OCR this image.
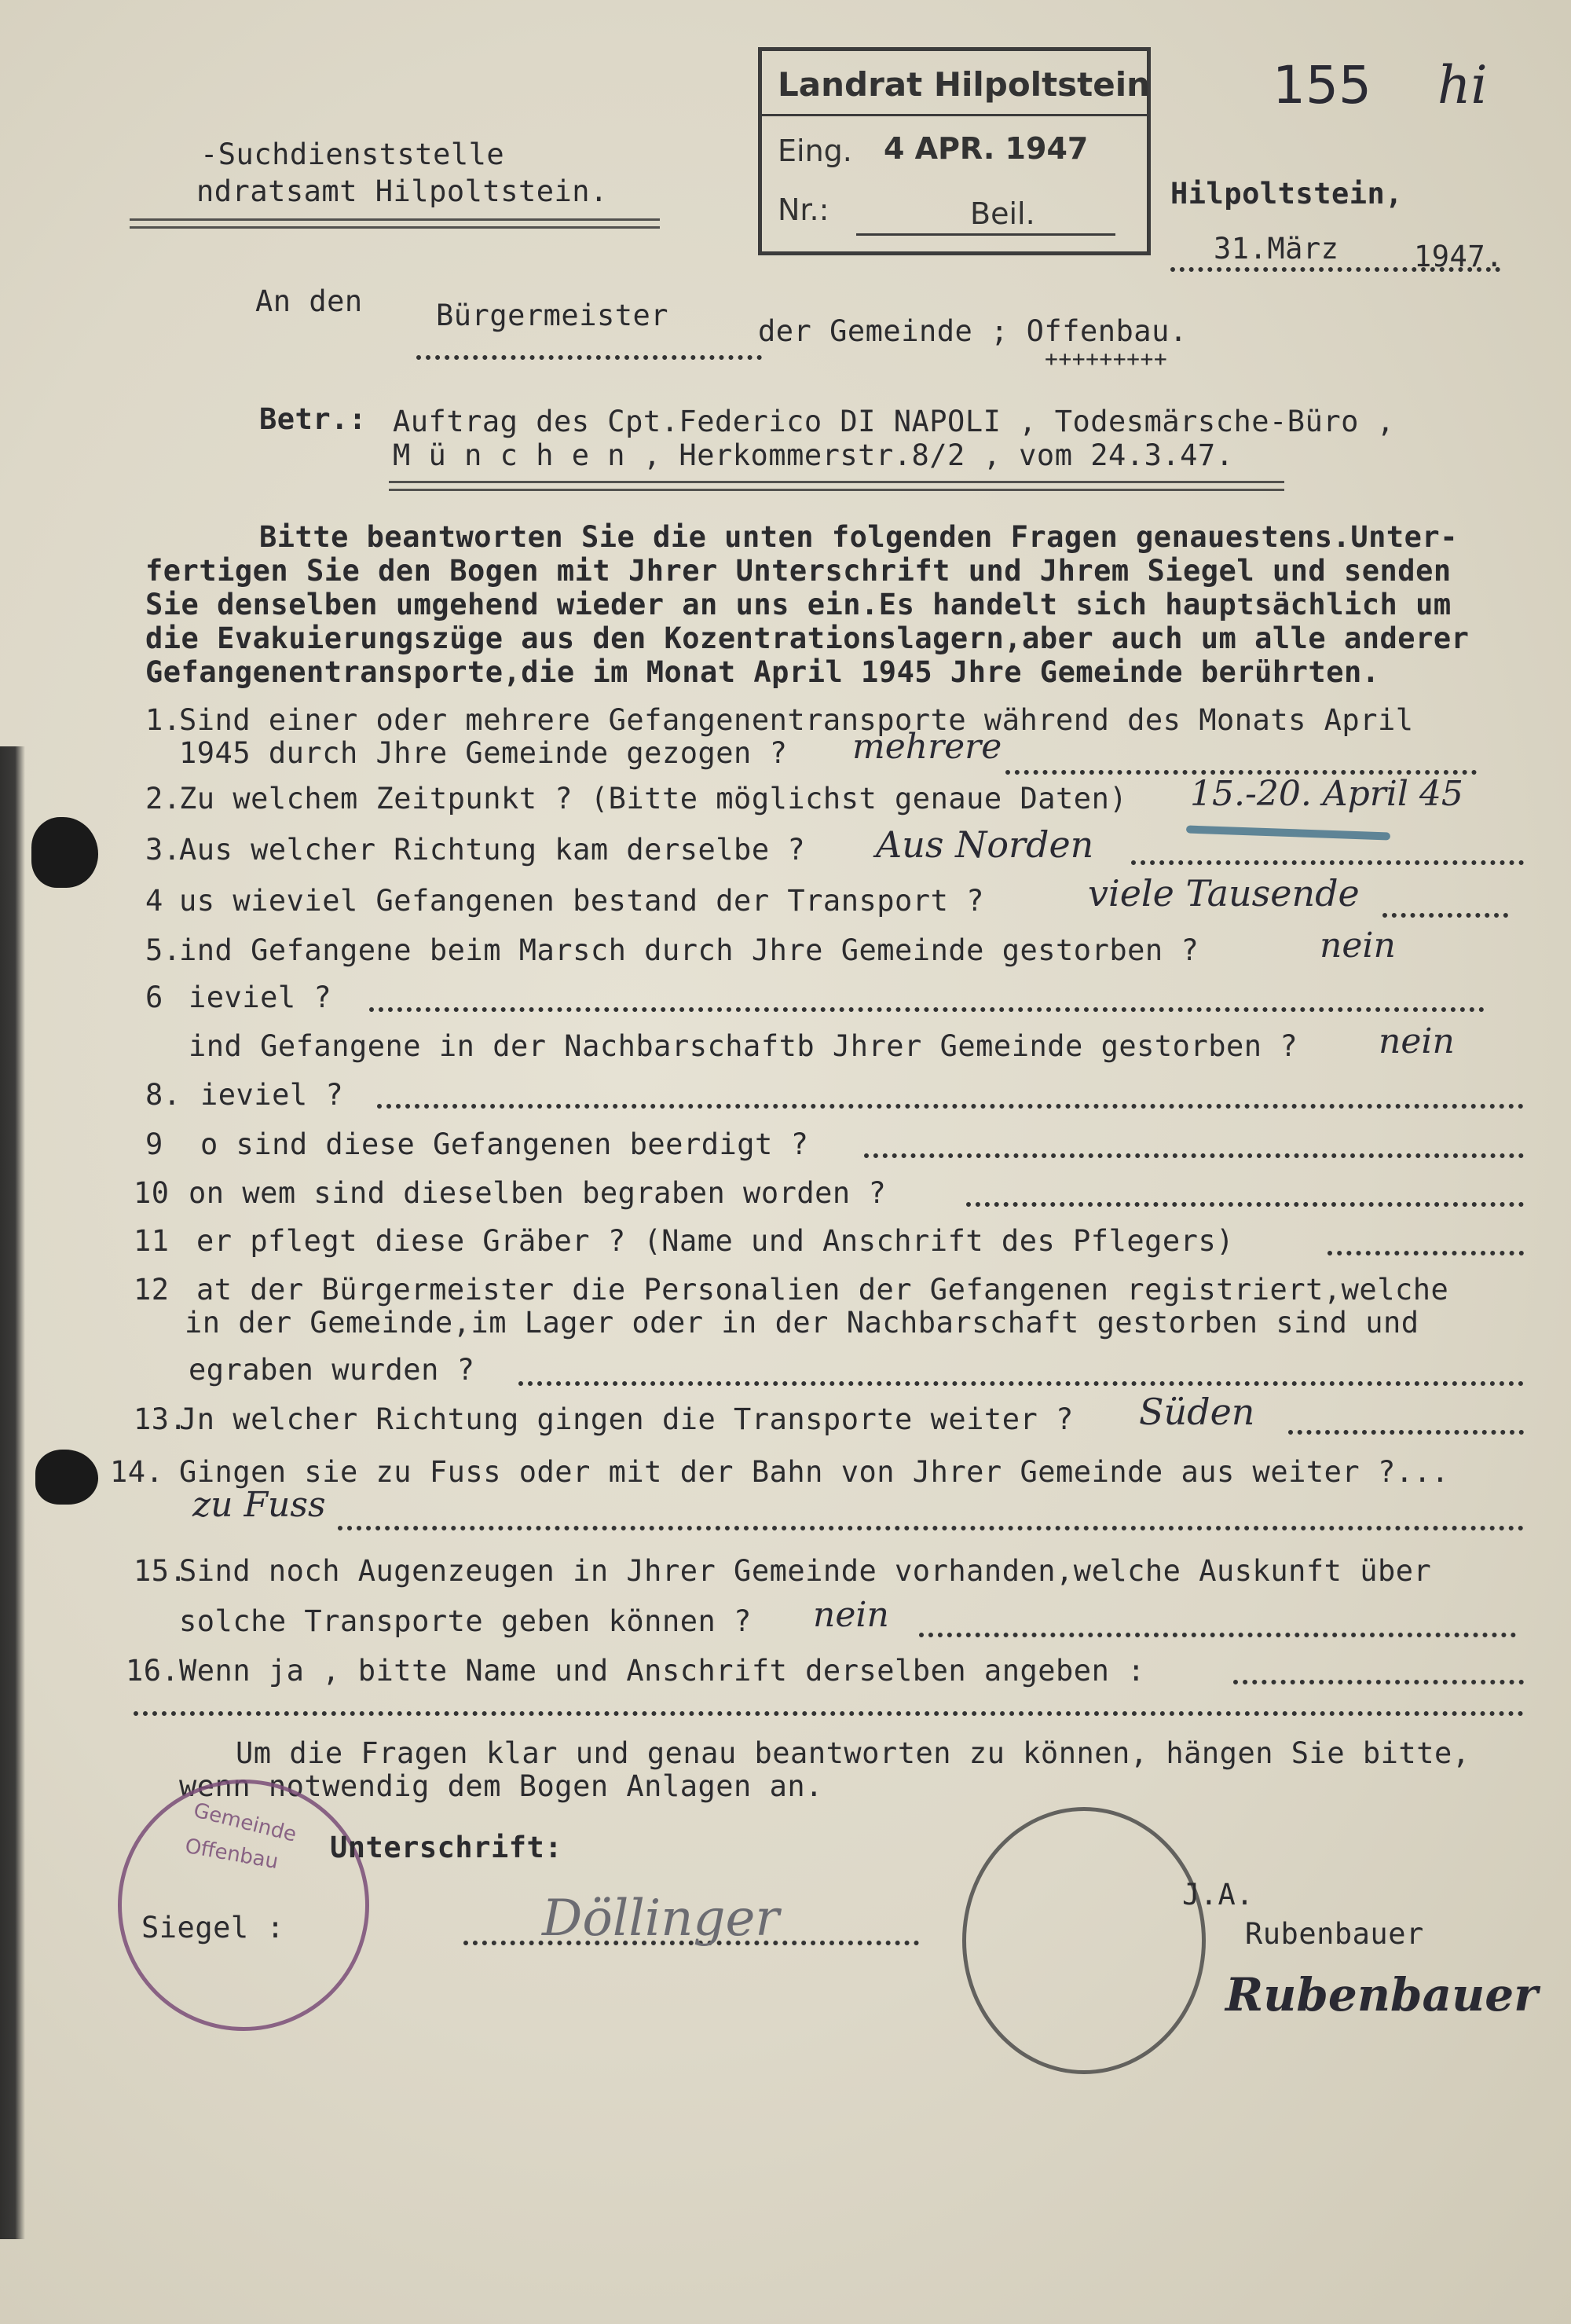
-Suchdienststelle
ndratsamt Hilpoltstein.
Landrat Hilpoltstein
Eing. 4 APR. 1947
Nr.:	Beil.
155 hi
Hilpoltstein,
31.März	1947.
An den	Bürgermeister	der Gemeinde ; Offenbau.
+++++++++
Betr.: Auftrag des Cpt.Federico DI NAPOLI , Todesmärsche-Büro ,
M ü n c h e n , Herkommerstr.8/2 , vom 24.3.47.
Bitte beantworten Sie die unten folgenden Fragen genauestens.Unter-
fertigen Sie den Bogen mit Jhrer Unterschrift und Jhrem Siegel und senden
Sie denselben umgehend wieder an uns ein.Es handelt sich hauptsächlich um
die Evakuierungszüge aus den Kozentrationslagern,aber auch um alle anderer
Gefangenentransporte,die im Monat April 1945 Jhre Gemeinde berührten.
1.
Sind einer oder mehrere Gefangenentransporte während des Monats April
1945 durch Jhre Gemeinde gezogen ? mehrere
2.
Zu welchem Zeitpunkt ? (Bitte möglichst genaue Daten) 15.-20. April 45
3.
Aus welcher Richtung kam derselbe ? Aus Norden
4 us wieviel Gefangenen bestand der Transport ?	viele Tausende
5.
ind Gefangene beim Marsch durch Jhre Gemeinde gestorben ?	nein
6 ieviel ?
ind Gefangene in der Nachbarschaftb Jhrer Gemeinde gestorben ? nein
8. ieviel ?
9 o sind diese Gefangenen beerdigt ?
10 on wem sind dieselben begraben worden ?
11 er pflegt diese Gräber ? (Name und Anschrift des Pflegers)
12 at der Bürgermeister die Personalien der Gefangenen registriert,welche
in der Gemeinde,im Lager oder in der Nachbarschaft gestorben sind und
egraben wurden ?
13.
Jn welcher Richtung gingen die Transporte weiter ? Süden
14. Gingen sie zu Fuss oder mit der Bahn von Jhrer Gemeinde aus weiter ?...
zu Fuss
15.
Sind noch Augenzeugen in Jhrer Gemeinde vorhanden,welche Auskunft über
solche Transporte geben können ? nein
16. Wenn ja , bitte Name und Anschrift derselben angeben :
Um die Fragen klar und genau beantworten zu können, hängen Sie bitte,
wenn notwendig dem Bogen Anlagen an.
Gemeinde
Offenbau Unterschrift:
Siegel :	Döllinger	J.A.
Rubenbauer
Rubenbauer
